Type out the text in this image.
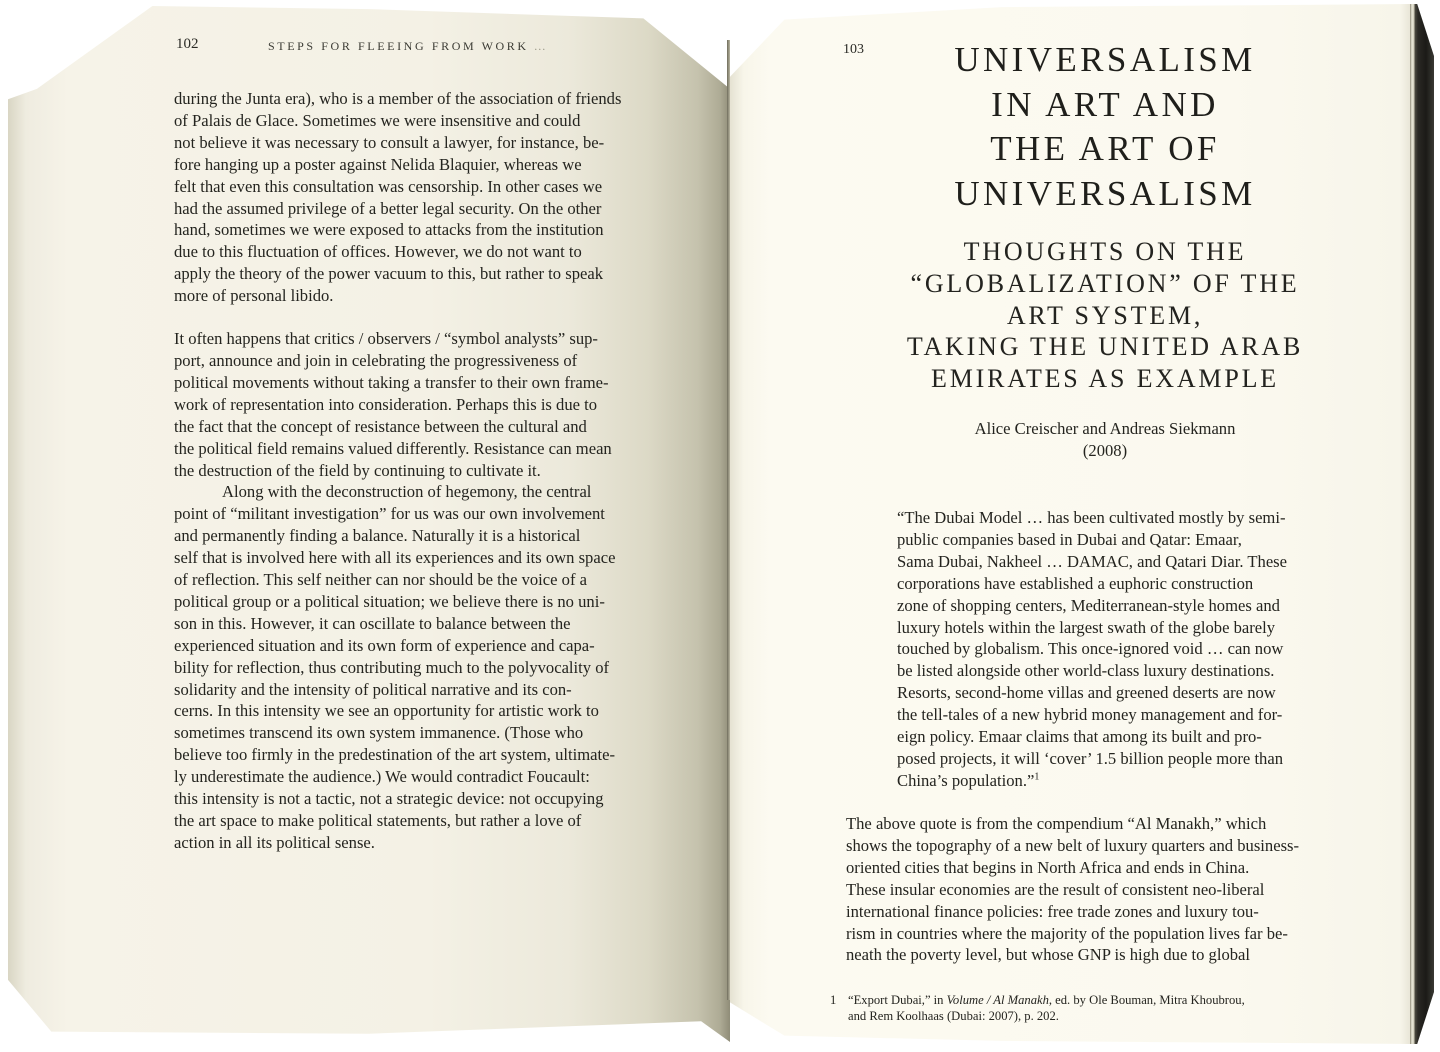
102	STEPS FOR FLEEING FROM WORK ...
during the Junta era), who is a member of the association of friends
of Palais de Glace. Sometimes we were insensitive and could
not believe it was necessary to consult a lawyer, for instance, be-
fore hanging up a poster against Nelida Blaquier, whereas we
felt that even this consultation was censorship. In other cases we
had the assumed privilege of a better legal security. On the other
hand, sometimes we were exposed to attacks from the institution
due to this fluctuation of offices. However, we do not want to
apply the theory of the power vacuum to this, but rather to speak
more of personal libido.
It often happens that critics / observers / “symbol analysts” sup-
port, announce and join in celebrating the progressiveness of
political movements without taking a transfer to their own frame-
work of representation into consideration. Perhaps this is due to
the fact that the concept of resistance between the cultural and
the political field remains valued differently. Resistance can mean
the destruction of the field by continuing to cultivate it.
Along with the deconstruction of hegemony, the central
point of “militant investigation” for us was our own involvement
and permanently finding a balance. Naturally it is a historical
self that is involved here with all its experiences and its own space
of reflection. This self neither can nor should be the voice of a
political group or a political situation; we believe there is no uni-
son in this. However, it can oscillate to balance between the
experienced situation and its own form of experience and capa-
bility for reflection, thus contributing much to the polyvocality of
solidarity and the intensity of political narrative and its con-
cerns. In this intensity we see an opportunity for artistic work to
sometimes transcend its own system immanence. (Those who
believe too firmly in the predestination of the art system, ultimate-
ly underestimate the audience.) We would contradict Foucault:
this intensity is not a tactic, not a strategic device: not occupying
the art space to make political statements, but rather a love of
action in all its political sense.
103	UNIVERSALISM
IN ART AND
THE ART OF
UNIVERSALISM
THOUGHTS ON THE
“GLOBALIZATION” OF THE
ART SYSTEM,
TAKING THE UNITED ARAB
EMIRATES AS EXAMPLE
Alice Creischer and Andreas Siekmann
(2008)
“The Dubai Model … has been cultivated mostly by semi-
public companies based in Dubai and Qatar: Emaar,
Sama Dubai, Nakheel … DAMAC, and Qatari Diar. These
corporations have established a euphoric construction
zone of shopping centers, Mediterranean-style homes and
luxury hotels within the largest swath of the globe barely
touched by globalism. This once-ignored void … can now
be listed alongside other world-class luxury destinations.
Resorts, second-home villas and greened deserts are now
the tell-tales of a new hybrid money management and for-
eign policy. Emaar claims that among its built and pro-
posed projects, it will ‘cover’ 1.5 billion people more than
China’s population.”$^1$
The above quote is from the compendium “Al Manakh,” which
shows the topography of a new belt of luxury quarters and business-
oriented cities that begins in North Africa and ends in China.
These insular economies are the result of consistent neo-liberal
international finance policies: free trade zones and luxury tou-
rism in countries where the majority of the population lives far be-
neath the poverty level, but whose GNP is high due to global
1 “Export Dubai,” in Volume / Al Manakh, ed. by Ole Bouman, Mitra Khoubrou,
and Rem Koolhaas (Dubai: 2007), p. 202.
